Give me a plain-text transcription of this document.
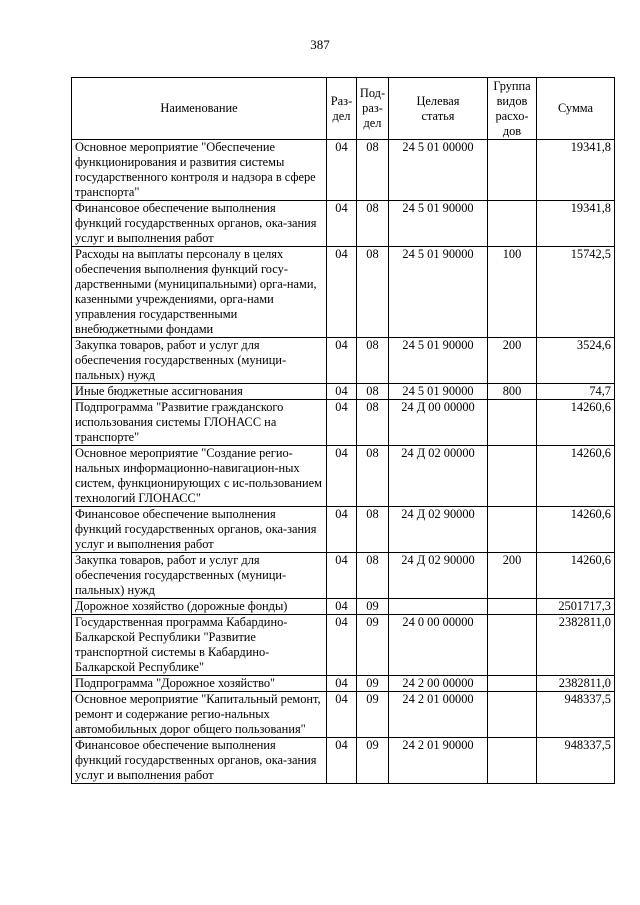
387
Наименование	Раз-
дел	Под-
раз-
дел	Целевая
статья	Группа
видов
расхо-
дов	Сумма
Основное мероприятие "Обеспечение функционирования и развития системы государственного контроля и надзора в сфере транспорта"	04	08	24 5 01 00000		19341,8
Финансовое обеспечение выполнения функций государственных органов, ока-зания услуг и выполнения работ	04	08	24 5 01 90000		19341,8
Расходы на выплаты персоналу в целях обеспечения выполнения функций госу-дарственными (муниципальными) орга-нами, казенными учреждениями, орга-нами управления государственными внебюджетными фондами	04	08	24 5 01 90000	100	15742,5
Закупка товаров, работ и услуг для обеспечения государственных (муници-пальных) нужд	04	08	24 5 01 90000	200	3524,6
Иные бюджетные ассигнования	04	08	24 5 01 90000	800	74,7
Подпрограмма "Развитие гражданского использования системы ГЛОНАСС на транспорте"	04	08	24 Д 00 00000		14260,6
Основное мероприятие "Создание регио-нальных информационно-навигацион-ных систем, функционирующих с ис-пользованием технологий ГЛОНАСС"	04	08	24 Д 02 00000		14260,6
Финансовое обеспечение выполнения функций государственных органов, ока-зания услуг и выполнения работ	04	08	24 Д 02 90000		14260,6
Закупка товаров, работ и услуг для обеспечения государственных (муници-пальных) нужд	04	08	24 Д 02 90000	200	14260,6
Дорожное хозяйство (дорожные фонды)	04	09			2501717,3
Государственная программа Кабардино-Балкарской Республики "Развитие транспортной системы в Кабардино-Балкарской Республике"	04	09	24 0 00 00000		2382811,0
Подпрограмма "Дорожное хозяйство"	04	09	24 2 00 00000		2382811,0
Основное мероприятие "Капитальный ремонт, ремонт и содержание регио-нальных автомобильных дорог общего пользования"	04	09	24 2 01 00000		948337,5
Финансовое обеспечение выполнения функций государственных органов, ока-зания услуг и выполнения работ	04	09	24 2 01 90000		948337,5
